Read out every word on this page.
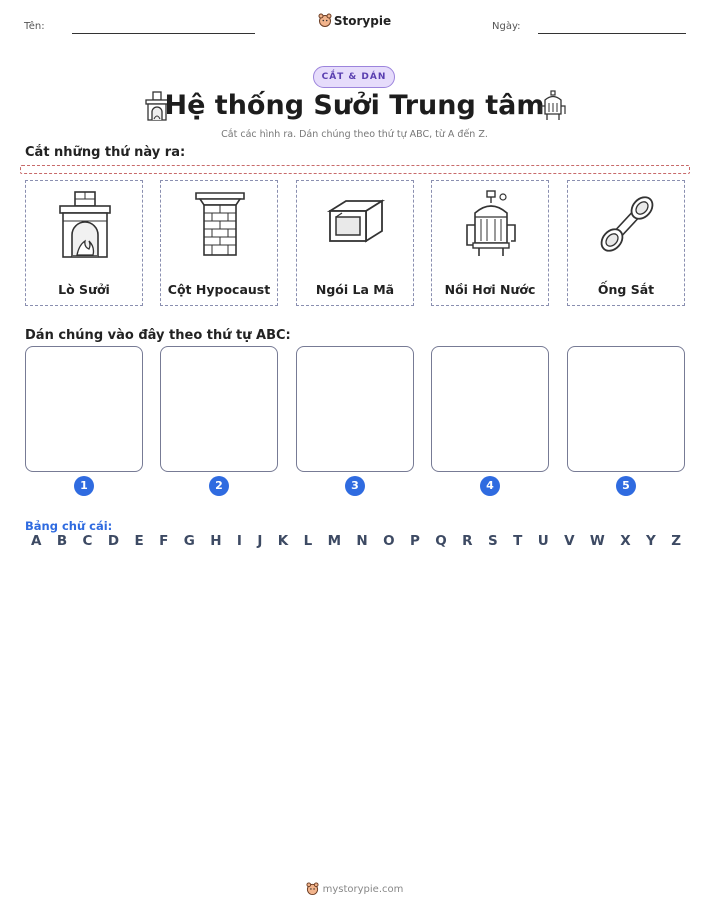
Tên:	Storypie	Ngày:
CẮT & DÁN
Hệ thống Sưởi Trung tâm
Cắt các hình ra. Dán chúng theo thứ tự ABC, từ A đến Z.
Cắt những thứ này ra:
Lò Sưởi	Cột Hypocaust	Ngói La Mã	Nồi Hơi Nước	Ống Sắt
Dán chúng vào đây theo thứ tự ABC:
1	2	3	4	5
Bảng chữ cái:
A B C D E F G H I J K L M N O P Q R S T U V W X Y Z
mystorypie.com
